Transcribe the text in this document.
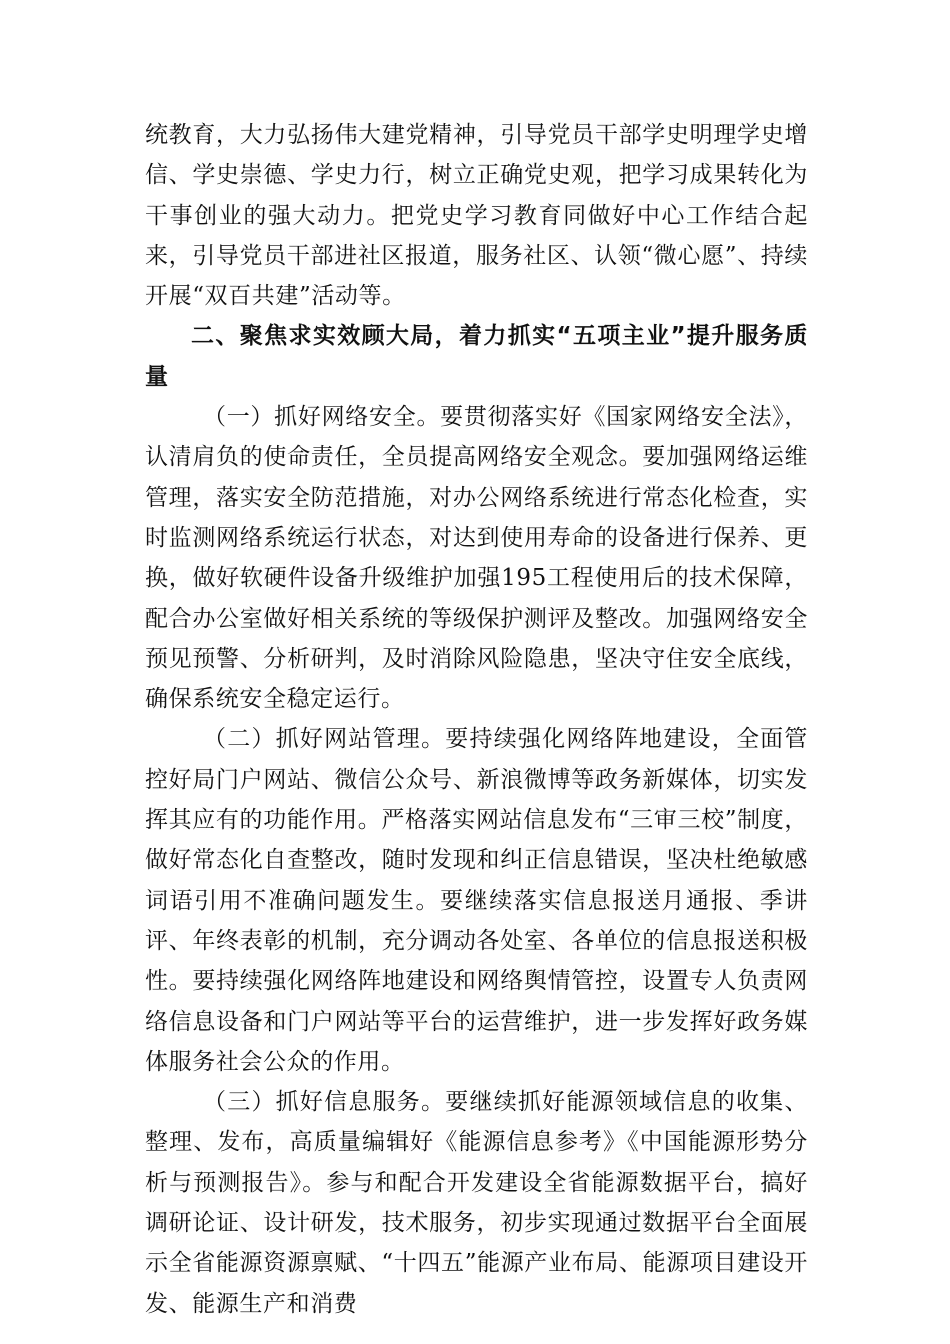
统教育，大力弘扬伟大建党精神，引导党员干部学史明理学史增信、学史崇德、学史力行，树立正确党史观，把学习成果转化为干事创业的强大动力。把党史学习教育同做好中心工作结合起来，引导党员干部进社区报道，服务社区、认领“微心愿”、持续开展“双百共建”活动等。

二、聚焦求实效顾大局，着力抓实“五项主业”提升服务质量

（一）抓好网络安全。要贯彻落实好《国家网络安全法》，认清肩负的使命责任，全员提高网络安全观念。要加强网络运维管理，落实安全防范措施，对办公网络系统进行常态化检查，实时监测网络系统运行状态，对达到使用寿命的设备进行保养、更换，做好软硬件设备升级维护加强195工程使用后的技术保障，配合办公室做好相关系统的等级保护测评及整改。加强网络安全预见预警、分析研判，及时消除风险隐患，坚决守住安全底线，确保系统安全稳定运行。

（二）抓好网站管理。要持续强化网络阵地建设，全面管控好局门户网站、微信公众号、新浪微博等政务新媒体，切实发挥其应有的功能作用。严格落实网站信息发布“三审三校”制度，做好常态化自查整改，随时发现和纠正信息错误，坚决杜绝敏感词语引用不准确问题发生。要继续落实信息报送月通报、季讲评、年终表彰的机制，充分调动各处室、各单位的信息报送积极性。要持续强化网络阵地建设和网络舆情管控，设置专人负责网络信息设备和门户网站等平台的运营维护，进一步发挥好政务媒体服务社会公众的作用。

（三）抓好信息服务。要继续抓好能源领域信息的收集、整理、发布，高质量编辑好《能源信息参考》《中国能源形势分析与预测报告》。参与和配合开发建设全省能源数据平台，搞好调研论证、设计研发，技术服务，初步实现通过数据平台全面展示全省能源资源禀赋、“十四五”能源产业布局、能源项目建设开发、能源生产和消费
